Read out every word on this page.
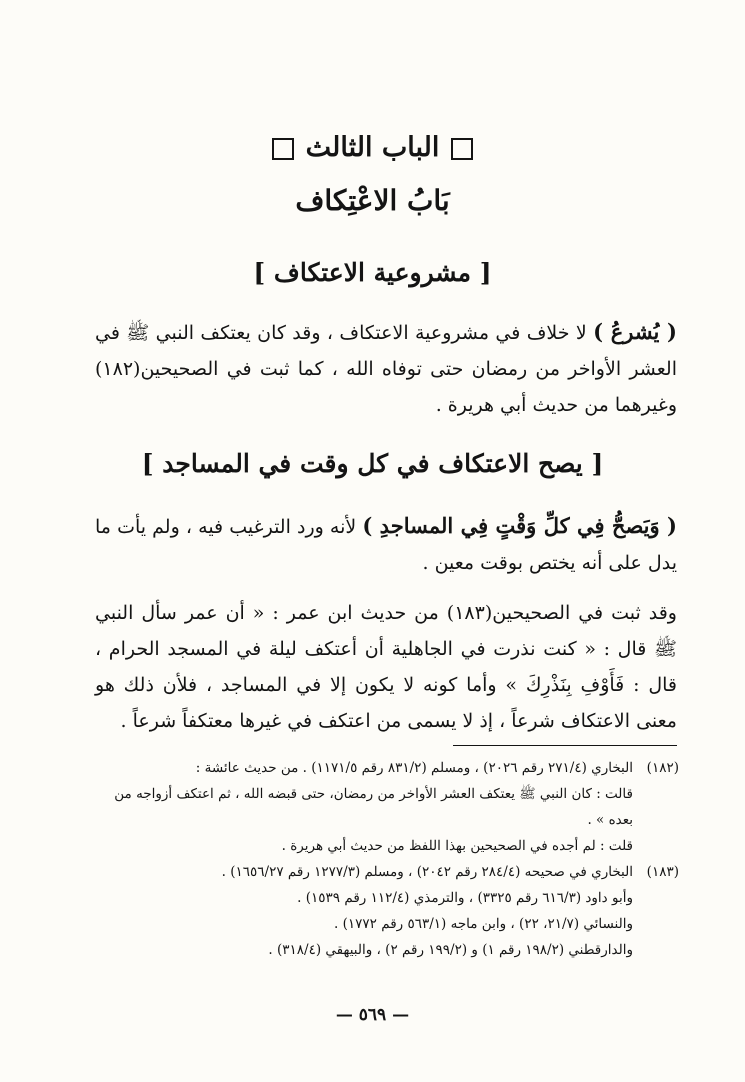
الباب الثالث
بَابُ الاعْتِكاف
[ مشروعية الاعتكاف ]

( يُشرعُ ) لا خلاف في مشروعية الاعتكاف ، وقد كان يعتكف النبي ﷺ في العشر الأواخر من رمضان حتى توفاه الله ، كما ثبت في الصحيحين(١٨٢) وغيرهما من حديث أبي هريرة .

[ يصح الاعتكاف في كل وقت في المساجد ]

( وَيَصحُّ فِي كلِّ وَقْتٍ فِي المساجدِ ) لأنه ورد الترغيب فيه ، ولم يأت ما يدل على أنه يختص بوقت معين .

وقد ثبت في الصحيحين(١٨٣) من حديث ابن عمر : « أن عمر سأل النبي ﷺ قال : « كنت نذرت في الجاهلية أن أعتكف ليلة في المسجد الحرام ، قال : فَأَوْفِ بِنَذْرِكَ » وأما كونه لا يكون إلا في المساجد ، فلأن ذلك هو معنى الاعتكاف شرعاً ، إذ لا يسمى من اعتكف في غيرها معتكفاً شرعاً .

(١٨٢)

البخاري (٢٧١/٤ رقم ٢٠٢٦) ، ومسلم (٨٣١/٢ رقم ١١٧١/٥) . من حديث عائشة :

قالت : كان النبي ﷺ يعتكف العشر الأواخر من رمضان، حتى قبضه الله ، ثم اعتكف أزواجه من بعده » .

قلت : لم أجده في الصحيحين بهذا اللفظ من حديث أبي هريرة .

(١٨٣)

البخاري في صحيحه (٢٨٤/٤ رقم ٢٠٤٢) ، ومسلم (١٢٧٧/٣ رقم ١٦٥٦/٢٧) .

وأبو داود (٦١٦/٣ رقم ٣٣٢٥) ، والترمذي (١١٢/٤ رقم ١٥٣٩) .

والنسائي (٢١/٧، ٢٢) ، وابن ماجه (٥٦٣/١ رقم ١٧٧٢) .

والدارقطني (١٩٨/٢ رقم ١) و (١٩٩/٢ رقم ٢) ، والبيهقي (٣١٨/٤) .

— ٥٦٩ —
